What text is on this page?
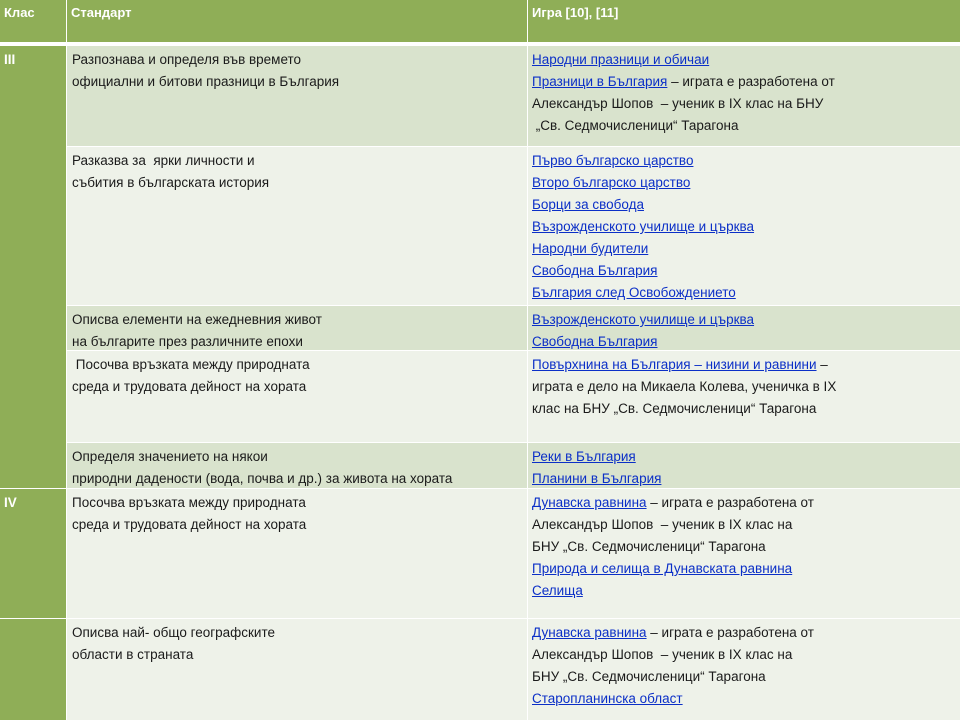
Клас	Стандарт	Игра [10], [11]
III
IV
Разпознава и определя във времето
официални и битови празници в България
Народни празници и обичаи
Празници в България – играта е разработена от
Александър Шопов  – ученик в IX клас на БНУ
„Св. Седмочисленици“ Тарагона
Разказва за  ярки личности и
събития в българската история
Първо българско царство
Второ българско царство
Борци за свобода
Възрожденското училище и църква
Народни будители
Свободна България
България след Освобождението
Описва елементи на ежедневния живот
на българите през различните епохи
Възрожденското училище и църква
Свободна България
Посочва връзката между природната
среда и трудовата дейност на хората
Повърхнина на България – низини и равнини –
играта е дело на Микаела Колева, ученичка в IX
клас на БНУ „Св. Седмочисленици“ Тарагона
Определя значението на някои
природни дадености (вода, почва и др.) за живота на хората
Реки в България
Планини в България
Посочва връзката между природната
среда и трудовата дейност на хората
Дунавска равнина – играта е разработена от
Александър Шопов  – ученик в IX клас на
БНУ „Св. Седмочисленици“ Тарагона
Природа и селища в Дунавската равнина
Селища
Описва най- общо географските
области в страната
Дунавска равнина – играта е разработена от
Александър Шопов  – ученик в IX клас на
БНУ „Св. Седмочисленици“ Тарагона
Старопланинска област
